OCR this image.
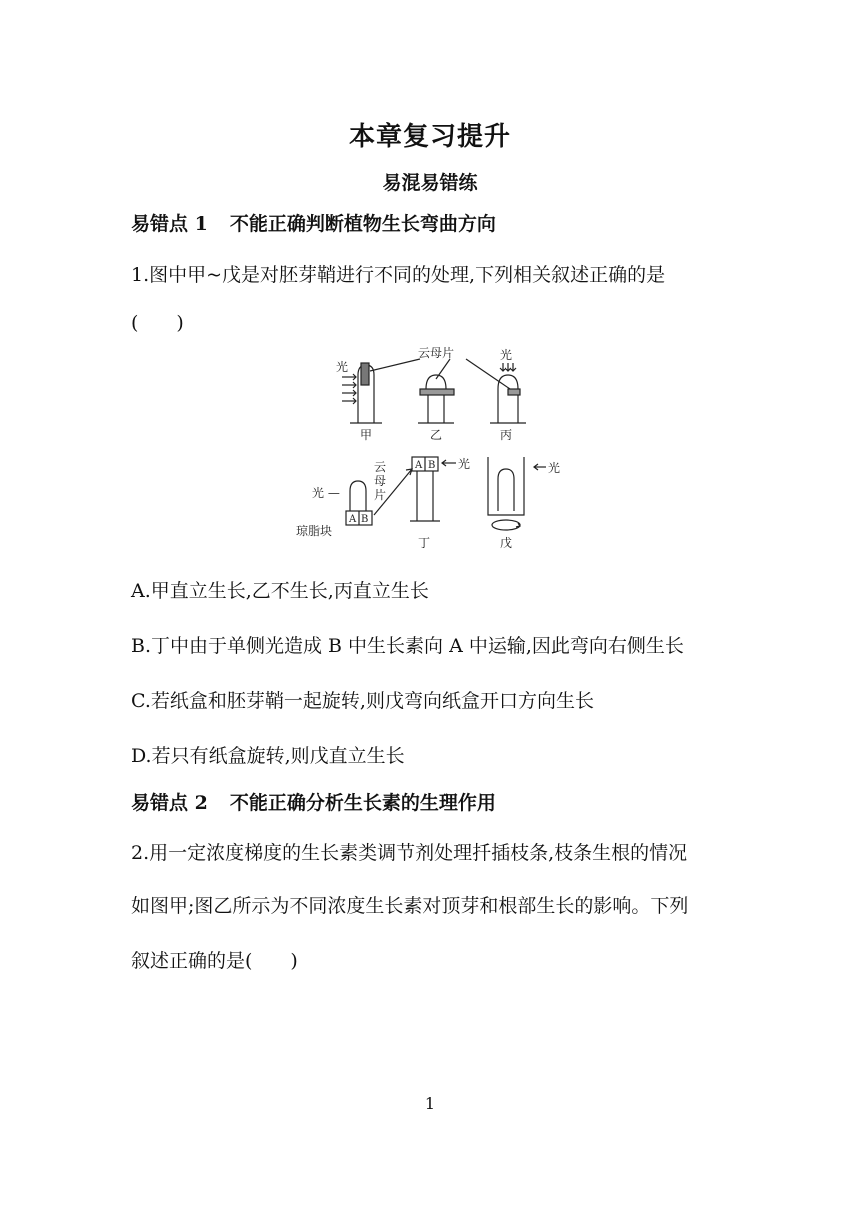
本章复习提升
易混易错练
易错点 1 不能正确判断植物生长弯曲方向
1.图中甲~戊是对胚芽鞘进行不同的处理,下列相关叙述正确的是
(　　)
光
云母片	光
甲	乙	丙
云
母
片
光 —
琼脂块
A B
A B 光	光
丁	戊
A.甲直立生长,乙不生长,丙直立生长
B.丁中由于单侧光造成 B 中生长素向 A 中运输,因此弯向右侧生长
C.若纸盒和胚芽鞘一起旋转,则戊弯向纸盒开口方向生长
D.若只有纸盒旋转,则戊直立生长
易错点 2 不能正确分析生长素的生理作用
2.用一定浓度梯度的生长素类调节剂处理扦插枝条,枝条生根的情况
如图甲;图乙所示为不同浓度生长素对顶芽和根部生长的影响。下列
叙述正确的是(　　)
1
